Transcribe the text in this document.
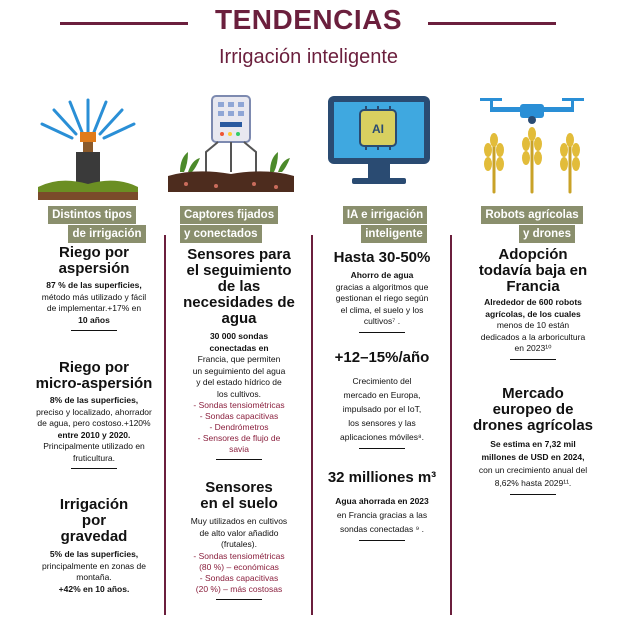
TENDENCIAS
Irrigación inteligente
AI
Distintos tipos
de irrigación
Captores fijados
y conectados
IA e irrigación
inteligente
Robots agrícolas
y drones
Riego por
aspersión
87 % de las superficies,
método más utilizado y fácil
de implementar.+17% en
10 años
Riego por
micro-aspersión
8% de las superficies,
preciso y localizado, ahorrador
de agua, pero costoso.+120%
entre 2010 y 2020.
Principalmente utilizado en
fruticultura.
Irrigación
por
gravedad
5% de las superficies,
principalmente en zonas de
montaña.
+42% en 10 años.
Sensores para
el seguimiento
de las
necesidades de
agua
30 000 sondas
conectadas en
Francia, que permiten
un seguimiento del agua
y del estado hídrico de
los cultivos.
- Sondas tensiométricas
- Sondas capacitivas
- Dendrómetros
- Sensores de flujo de
savia
Sensores
en el suelo
Muy utilizados en cultivos
de alto valor añadido
(frutales).
- Sondas tensiométricas
(80 %) – económicas
- Sondas capacitivas
(20 %) – más costosas
Hasta 30-50%
Ahorro de agua
gracias a algoritmos que
gestionan el riego según
el clima, el suelo y los
cultivos⁷ .
+12–15%/año
Crecimiento del
mercado en Europa,
impulsado por el IoT,
los sensores y las
aplicaciones móviles⁸.
32 milliones m³
Agua ahorrada en 2023
en Francia gracias a las
sondas conectadas ⁹ .
Adopción
todavía baja en
Francia
Alrededor de 600 robots
agrícolas, de los cuales
menos de 10 están
dedicados a la arboricultura
en 2023¹⁰
Mercado
europeo de
drones agrícolas
Se estima en 7,32 mil
millones de USD en 2024,
con un crecimiento anual del
8,62% hasta 2029¹¹.
